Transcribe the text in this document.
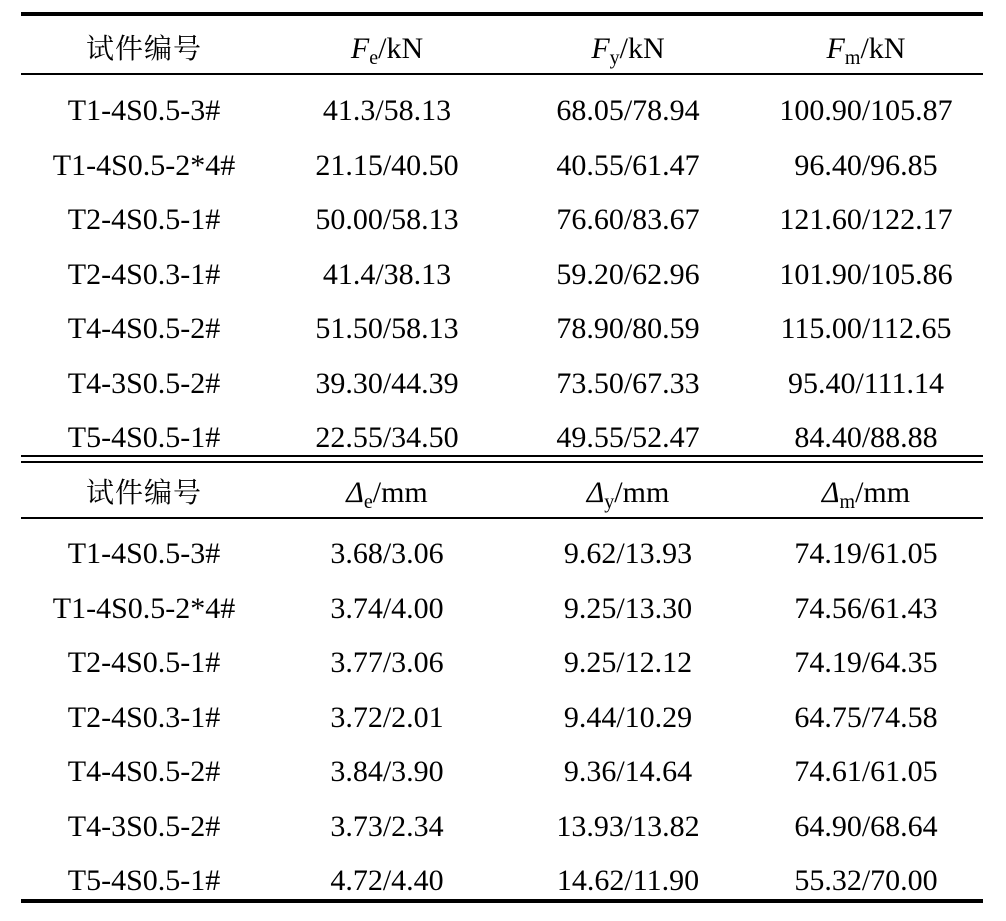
试件编号	$F_e/kN$	$F_y/kN$	$F_m/kN$
T1-4S0.5-3#	41.3/58.13	68.05/78.94	100.90/105.87
T1-4S0.5-2*4#	21.15/40.50	40.55/61.47	96.40/96.85
T2-4S0.5-1#	50.00/58.13	76.60/83.67	121.60/122.17
T2-4S0.3-1#	41.4/38.13	59.20/62.96	101.90/105.86
T4-4S0.5-2#	51.50/58.13	78.90/80.59	115.00/112.65
T4-3S0.5-2#	39.30/44.39	73.50/67.33	95.40/111.14
T5-4S0.5-1#	22.55/34.50	49.55/52.47	84.40/88.88
试件编号	$\Delta_e/mm$	$\Delta_y/mm$	$\Delta_m/mm$
T1-4S0.5-3#	3.68/3.06	9.62/13.93	74.19/61.05
T1-4S0.5-2*4#	3.74/4.00	9.25/13.30	74.56/61.43
T2-4S0.5-1#	3.77/3.06	9.25/12.12	74.19/64.35
T2-4S0.3-1#	3.72/2.01	9.44/10.29	64.75/74.58
T4-4S0.5-2#	3.84/3.90	9.36/14.64	74.61/61.05
T4-3S0.5-2#	3.73/2.34	13.93/13.82	64.90/68.64
T5-4S0.5-1#	4.72/4.40	14.62/11.90	55.32/70.00
